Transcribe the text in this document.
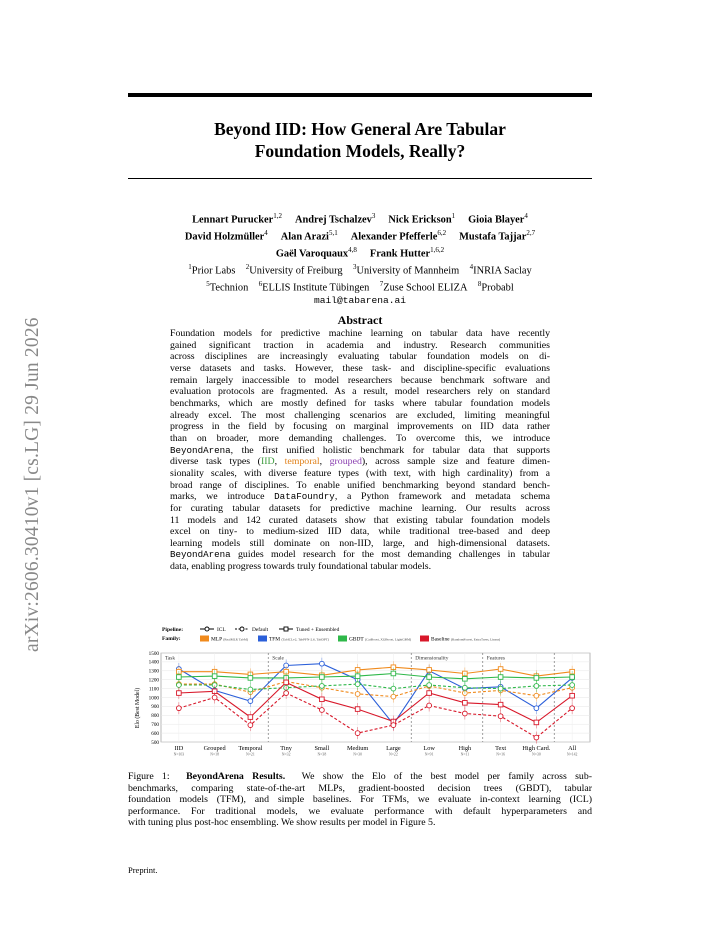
arXiv:2606.30410v1 [cs.LG] 29 Jun 2026
Beyond IID: How General Are Tabular
Foundation Models, Really?
Lennart Purucker$^{1,2}$ Andrej Tschalzev$^3$ Nick Erickson$^1$ Gioia Blayer$^4$
David Holzmüller$^4$ Alan Arazi$^{5,1}$ Alexander Pfefferle$^{6,2}$ Mustafa Tajjar$^{2,7}$
Gaël Varoquaux$^{4,8}$ Frank Hutter$^{1,6,2}$
$^1$Prior Labs $^2$University of Freiburg $^3$University of Mannheim $^4$INRIA Saclay
$^5$Technion $^6$ELLIS Institute Tübingen $^7$Zuse School ELIZA $^8$Probabl
mail@tabarena.ai
Abstract
Foundation models for predictive machine learning on tabular data have recently
gained significant traction in academia and industry. Research communities
across disciplines are increasingly evaluating tabular foundation models on di-
verse datasets and tasks. However, these task- and discipline-specific evaluations
remain largely inaccessible to model researchers because benchmark software and
evaluation protocols are fragmented. As a result, model researchers rely on standard
benchmarks, which are mostly defined for tasks where tabular foundation models
already excel. The most challenging scenarios are excluded, limiting meaningful
progress in the field by focusing on marginal improvements on IID data rather
than on broader, more demanding challenges. To overcome this, we introduce
BeyondArena, the first unified holistic benchmark for tabular data that supports
diverse task types (IID, temporal, grouped), across sample size and feature dimen-
sionality scales, with diverse feature types (with text, with high cardinality) from a
broad range of disciplines. To enable unified benchmarking beyond standard bench-
marks, we introduce DataFoundry, a Python framework and metadata schema
for curating tabular datasets for predictive machine learning. Our results across
11 models and 142 curated datasets show that existing tabular foundation models
excel on tiny- to medium-sized IID data, while traditional tree-based and deep
learning models still dominate on non-IID, large, and high-dimensional datasets.
BeyondArena guides model research for the most demanding challenges in tabular
data, enabling progress towards truly foundational tabular models.
Pipeline:	ICL	Default	Tuned + Ensembled
Family:	MLP (RealMLP, TabM)	TFM (TabICLv2, TabPFN-2.6, TabDPT)	GBDT (CatBoost, XGBoost, LightGBM)	Baseline (RandomForest, ExtraTrees, Linear)
500
600
700
800
900
1000
1100
1200
1300
1400
1500
Task	Scale	Dimensionality	Features
IID
N=103
Grouped
N=18
Temporal
N=21
Tiny
N=32
Small
N=38
Medium
N=30
Large
N=22
Low
N=91
High
N=11
Text
N=16
High Card.
N=30
All
N=142
Elo (Best Model)
Figure 1: BeyondArena Results. We show the Elo of the best model per family across sub-
benchmarks, comparing state-of-the-art MLPs, gradient-boosted decision trees (GBDT), tabular
foundation models (TFM), and simple baselines. For TFMs, we evaluate in-context learning (ICL)
performance. For traditional models, we evaluate performance with default hyperparameters and
with tuning plus post-hoc ensembling. We show results per model in Figure 5.
Preprint.
